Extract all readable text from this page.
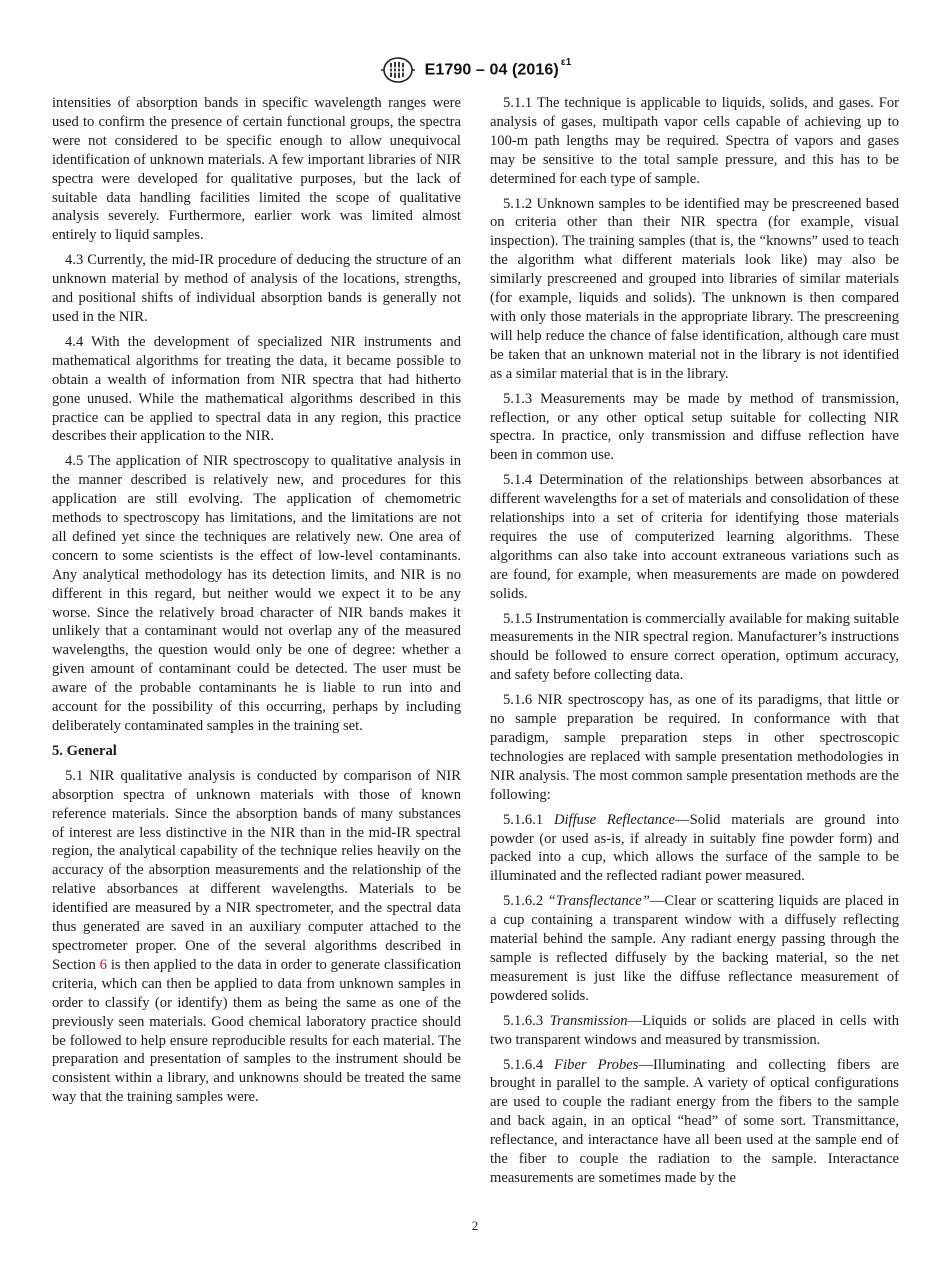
E1790 – 04 (2016) $^{\varepsilon 1}$

intensities of absorption bands in specific wavelength ranges were used to confirm the presence of certain functional groups, the spectra were not considered to be specific enough to allow unequivocal identification of unknown materials. A few important libraries of NIR spectra were developed for qualitative purposes, but the lack of suitable data handling facilities limited the scope of qualitative analysis severely. Furthermore, earlier work was limited almost entirely to liquid samples.

4.3 Currently, the mid-IR procedure of deducing the structure of an unknown material by method of analysis of the locations, strengths, and positional shifts of individual absorption bands is generally not used in the NIR.

4.4 With the development of specialized NIR instruments and mathematical algorithms for treating the data, it became possible to obtain a wealth of information from NIR spectra that had hitherto gone unused. While the mathematical algorithms described in this practice can be applied to spectral data in any region, this practice describes their application to the NIR.

4.5 The application of NIR spectroscopy to qualitative analysis in the manner described is relatively new, and procedures for this application are still evolving. The application of chemometric methods to spectroscopy has limitations, and the limitations are not all defined yet since the techniques are relatively new. One area of concern to some scientists is the effect of low-level contaminants. Any analytical methodology has its detection limits, and NIR is no different in this regard, but neither would we expect it to be any worse. Since the relatively broad character of NIR bands makes it unlikely that a contaminant would not overlap any of the measured wavelengths, the question would only be one of degree: whether a given amount of contaminant could be detected. The user must be aware of the probable contaminants he is liable to run into and account for the possibility of this occurring, perhaps by including deliberately contaminated samples in the training set.

5. General

5.1 NIR qualitative analysis is conducted by comparison of NIR absorption spectra of unknown materials with those of known reference materials. Since the absorption bands of many substances of interest are less distinctive in the NIR than in the mid-IR spectral region, the analytical capability of the technique relies heavily on the accuracy of the absorption measurements and the relationship of the relative absorbances at different wavelengths. Materials to be identified are measured by a NIR spectrometer, and the spectral data thus generated are saved in an auxiliary computer attached to the spectrometer proper. One of the several algorithms described in Section 6 is then applied to the data in order to generate classification criteria, which can then be applied to data from unknown samples in order to classify (or identify) them as being the same as one of the previously seen materials. Good chemical laboratory practice should be followed to help ensure reproducible results for each material. The preparation and presentation of samples to the instrument should be consistent within a library, and unknowns should be treated the same way that the training samples were.

5.1.1 The technique is applicable to liquids, solids, and gases. For analysis of gases, multipath vapor cells capable of achieving up to 100-m path lengths may be required. Spectra of vapors and gases may be sensitive to the total sample pressure, and this has to be determined for each type of sample.

5.1.2 Unknown samples to be identified may be prescreened based on criteria other than their NIR spectra (for example, visual inspection). The training samples (that is, the “knowns” used to teach the algorithm what different materials look like) may also be similarly prescreened and grouped into libraries of similar materials (for example, liquids and solids). The unknown is then compared with only those materials in the appropriate library. The prescreening will help reduce the chance of false identification, although care must be taken that an unknown material not in the library is not identified as a similar material that is in the library.

5.1.3 Measurements may be made by method of transmission, reflection, or any other optical setup suitable for collecting NIR spectra. In practice, only transmission and diffuse reflection have been in common use.

5.1.4 Determination of the relationships between absorbances at different wavelengths for a set of materials and consolidation of these relationships into a set of criteria for identifying those materials requires the use of computerized learning algorithms. These algorithms can also take into account extraneous variations such as are found, for example, when measurements are made on powdered solids.

5.1.5 Instrumentation is commercially available for making suitable measurements in the NIR spectral region. Manufacturer’s instructions should be followed to ensure correct operation, optimum accuracy, and safety before collecting data.

5.1.6 NIR spectroscopy has, as one of its paradigms, that little or no sample preparation be required. In conformance with that paradigm, sample preparation steps in other spectroscopic technologies are replaced with sample presentation methodologies in NIR analysis. The most common sample presentation methods are the following:

5.1.6.1 Diffuse Reflectance—Solid materials are ground into powder (or used as-is, if already in suitably fine powder form) and packed into a cup, which allows the surface of the sample to be illuminated and the reflected radiant power measured.

5.1.6.2 “Transflectance”—Clear or scattering liquids are placed in a cup containing a transparent window with a diffusely reflecting material behind the sample. Any radiant energy passing through the sample is reflected diffusely by the backing material, so the net measurement is just like the diffuse reflectance measurement of powdered solids.

5.1.6.3 Transmission—Liquids or solids are placed in cells with two transparent windows and measured by transmission.

5.1.6.4 Fiber Probes—Illuminating and collecting fibers are brought in parallel to the sample. A variety of optical configurations are used to couple the radiant energy from the fibers to the sample and back again, in an optical “head” of some sort. Transmittance, reflectance, and interactance have all been used at the sample end of the fiber to couple the radiation to the sample. Interactance measurements are sometimes made by the

2
